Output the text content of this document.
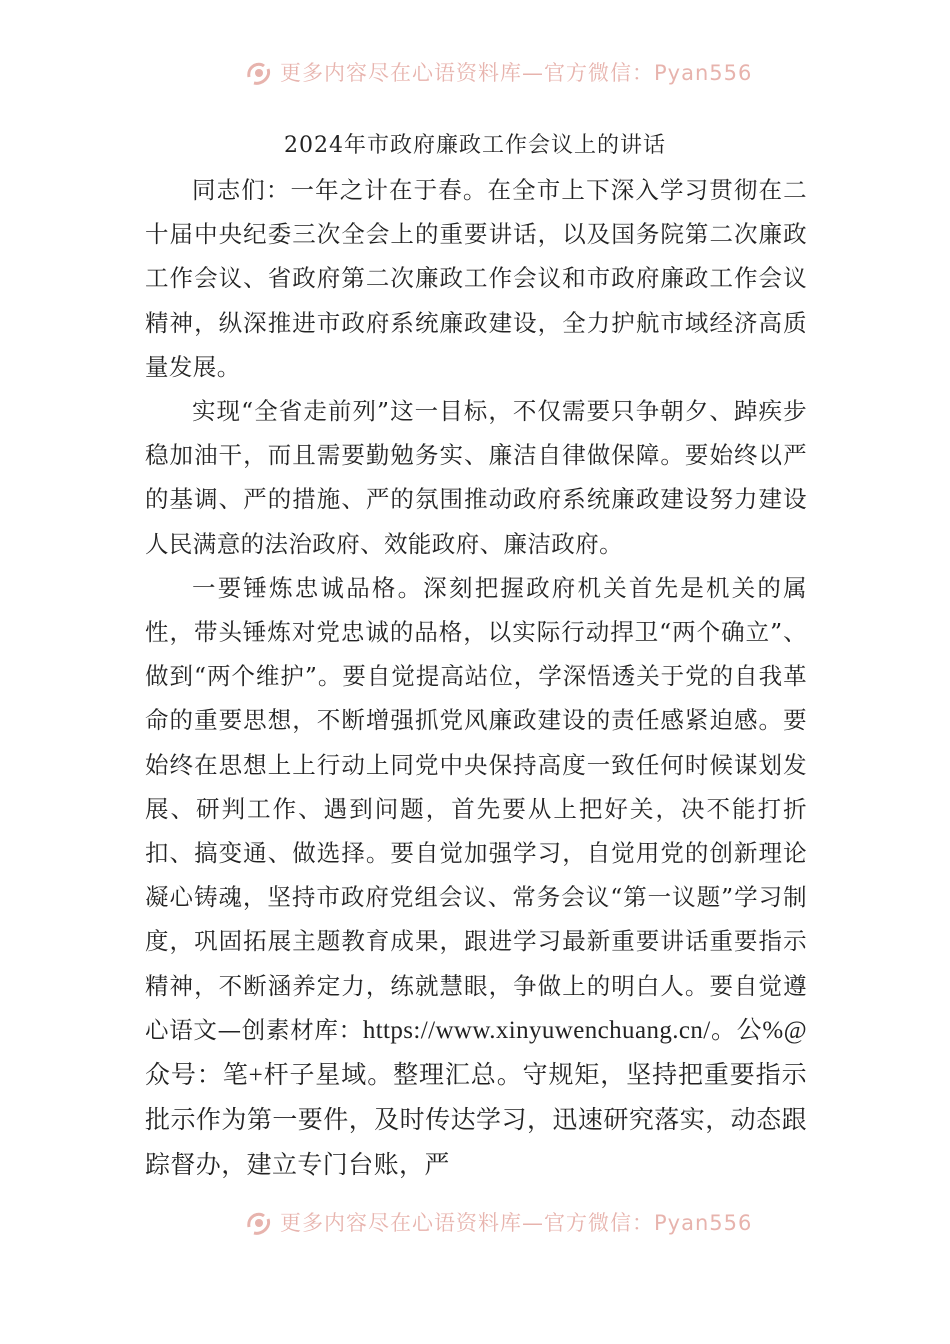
更多内容尽在心语资料库—官方微信：Pyan556
2024年市政府廉政工作会议上的讲话

同志们：一年之计在于春。在全市上下深入学习贯彻在二十届中央纪委三次全会上的重要讲话，以及国务院第二次廉政工作会议、省政府第二次廉政工作会议和市政府廉政工作会议精神，纵深推进市政府系统廉政建设，全力护航市域经济高质量发展。

实现“全省走前列”这一目标，不仅需要只争朝夕、踔疾步稳加油干，而且需要勤勉务实、廉洁自律做保障。要始终以严的基调、严的措施、严的氛围推动政府系统廉政建设努力建设人民满意的法治政府、效能政府、廉洁政府。

一要锤炼忠诚品格。深刻把握政府机关首先是机关的属性，带头锤炼对党忠诚的品格，以实际行动捍卫“两个确立”、做到“两个维护”。要自觉提高站位，学深悟透关于党的自我革命的重要思想，不断增强抓党风廉政建设的责任感紧迫感。要始终在思想上上行动上同党中央保持高度一致任何时候谋划发展、研判工作、遇到问题，首先要从上把好关，决不能打折扣、搞变通、做选择。要自觉加强学习，自觉用党的创新理论凝心铸魂，坚持市政府党组会议、常务会议“第一议题”学习制度，巩固拓展主题教育成果，跟进学习最新重要讲话重要指示精神，不断涵养定力，练就慧眼，争做上的明白人。要自觉遵心语文—创素材库：https://www.xinyuwenchuang.cn/。公%@众号：笔+杆子星域。整理汇总。守规矩，坚持把重要指示批示作为第一要件，及时传达学习，迅速研究落实，动态跟踪督办，建立专门台账，严

更多内容尽在心语资料库—官方微信：Pyan556
